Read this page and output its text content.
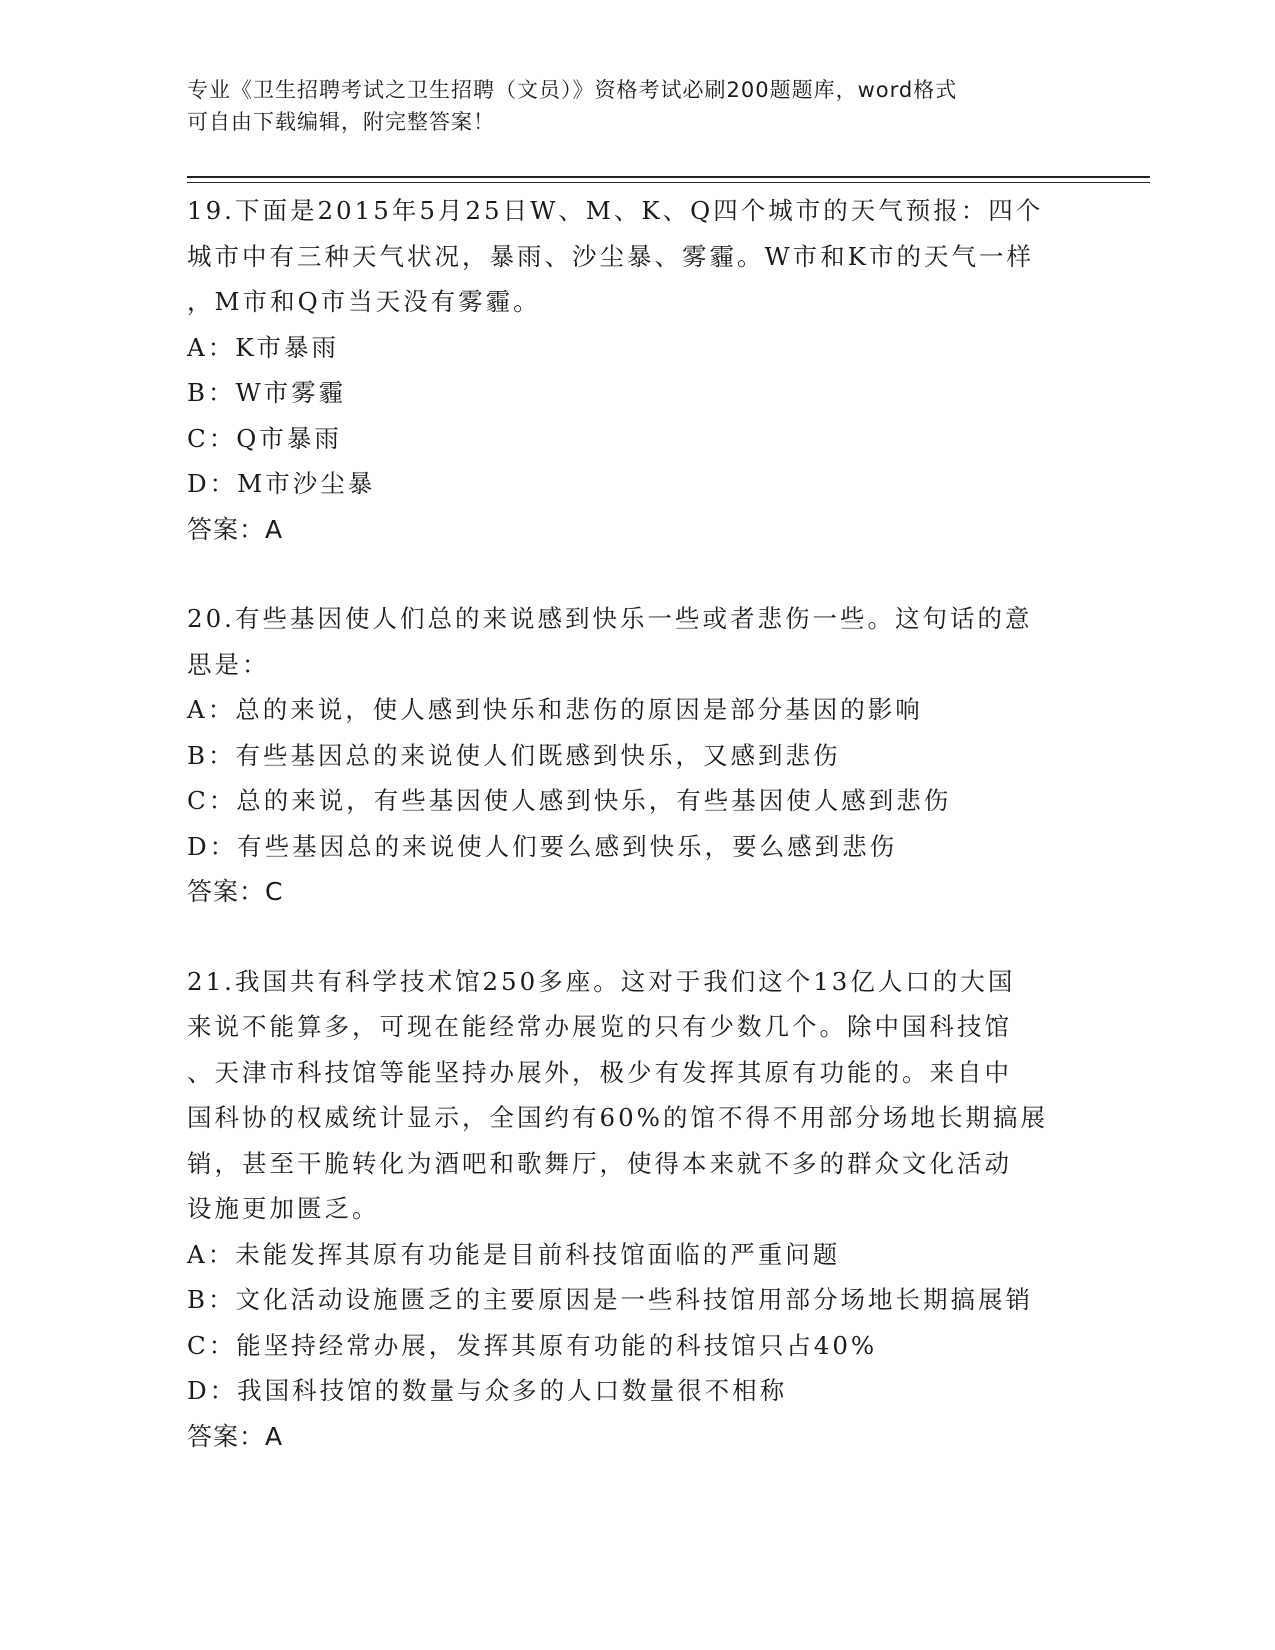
专业《卫生招聘考试之卫生招聘（文员）》资格考试必刷200题题库，word格式
可自由下载编辑，附完整答案！
19.下面是2015年5月25日W、M、K、Q四个城市的天气预报：四个
城市中有三种天气状况，暴雨、沙尘暴、雾霾。W市和K市的天气一样
，M市和Q市当天没有雾霾。
A：K市暴雨
B：W市雾霾
C：Q市暴雨
D：M市沙尘暴
答案：A
20.有些基因使人们总的来说感到快乐一些或者悲伤一些。这句话的意
思是：
A：总的来说，使人感到快乐和悲伤的原因是部分基因的影响
B：有些基因总的来说使人们既感到快乐，又感到悲伤
C：总的来说，有些基因使人感到快乐，有些基因使人感到悲伤
D：有些基因总的来说使人们要么感到快乐，要么感到悲伤
答案：C
21.我国共有科学技术馆250多座。这对于我们这个13亿人口的大国
来说不能算多，可现在能经常办展览的只有少数几个。除中国科技馆
、天津市科技馆等能坚持办展外，极少有发挥其原有功能的。来自中
国科协的权威统计显示，全国约有60%的馆不得不用部分场地长期搞展
销，甚至干脆转化为酒吧和歌舞厅，使得本来就不多的群众文化活动
设施更加匮乏。
A：未能发挥其原有功能是目前科技馆面临的严重问题
B：文化活动设施匮乏的主要原因是一些科技馆用部分场地长期搞展销
C：能坚持经常办展，发挥其原有功能的科技馆只占40%
D：我国科技馆的数量与众多的人口数量很不相称
答案：A
